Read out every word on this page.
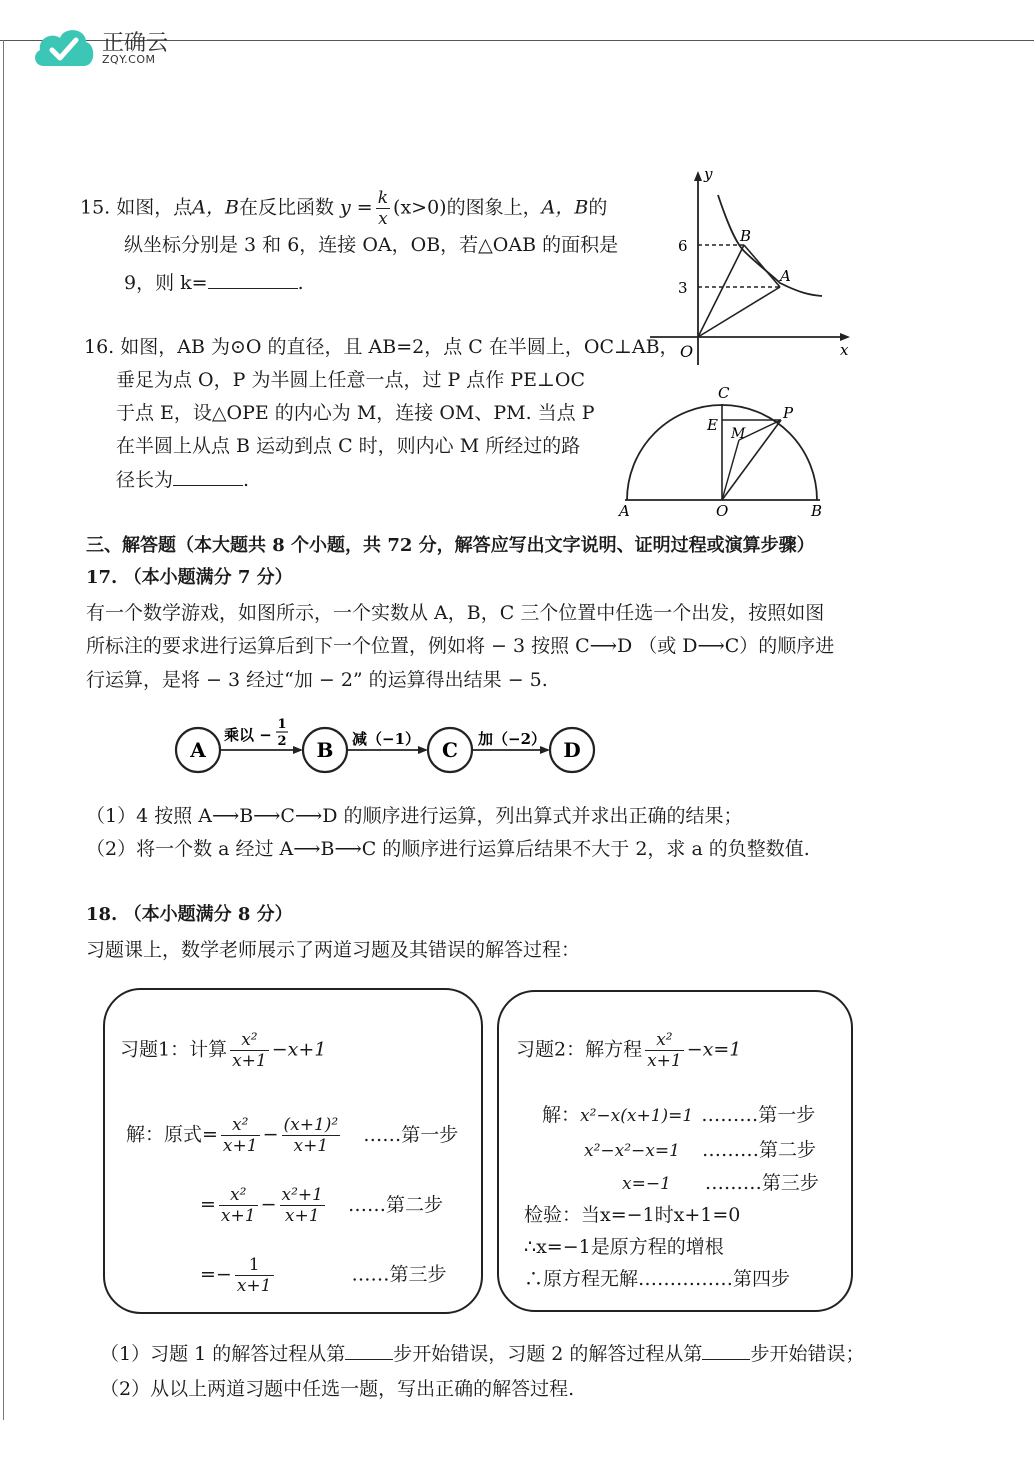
正确云
ZQY.COM
15. 如图，点A，B在反比函数 $y = \frac{k}{x} (x>0)$的图象上，A，B的
纵坐标分别是 3 和 6，连接 OA，OB，若△OAB 的面积是
9，则 k=	.
y
x
O
6
3
B
A
16. 如图，AB 为⊙O 的直径，且 AB=2，点 C 在半圆上，OC⊥AB，
垂足为点 O，P 为半圆上任意一点，过 P 点作 PE⊥OC
于点 E，设△OPE 的内心为 M，连接 OM、PM. 当点 P
在半圆上从点 B 运动到点 C 时，则内心 M 所经过的路
径长为	.
C
E M
P
A	O	B
三、解答题（本大题共 8 个小题，共 72 分，解答应写出文字说明、证明过程或演算步骤）
17. （本小题满分 7 分）
有一个数学游戏，如图所示，一个实数从 A，B，C 三个位置中任选一个出发，按照如图
所标注的要求进行运算后到下一个位置，例如将 − 3 按照 C⟶D （或 D⟶C）的顺序进
行运算，是将 − 3 经过“加 − 2” 的运算得出结果 − 5.
A	B	C	D
乘以 −
1
2	减（−1）	加（−2）
（1）4 按照 A⟶B⟶C⟶D 的顺序进行运算，列出算式并求出正确的结果；
（2）将一个数 a 经过 A⟶B⟶C 的顺序进行运算后结果不大于 2，求 a 的负整数值.
18. （本小题满分 8 分）
习题课上，数学老师展示了两道习题及其错误的解答过程：
习题1：计算 $\frac{\text{x²}}{x+1} -x+1$
解：原式= $\frac{\text{x²}}{x+1} - \frac{\text{(x+1)²}}{x+1}$ ……第一步
= $\frac{\text{x²}}{x+1} - \frac{\text{x²+1}}{x+1}$ ……第二步
=− $\frac{1}{x+1}$	……第三步
习题2：解方程 $\frac{\text{x²}}{x+1} -x=1$
解：x²−x(x+1)=1 ………第一步
x²−x²−x=1 ………第二步
x=−1 ………第三步
检验：当x=−1时x+1=0
∴x=−1是原方程的增根
∴原方程无解……………第四步
（1）习题 1 的解答过程从第	步开始错误，习题 2 的解答过程从第	步开始错误；
（2）从以上两道习题中任选一题，写出正确的解答过程.
